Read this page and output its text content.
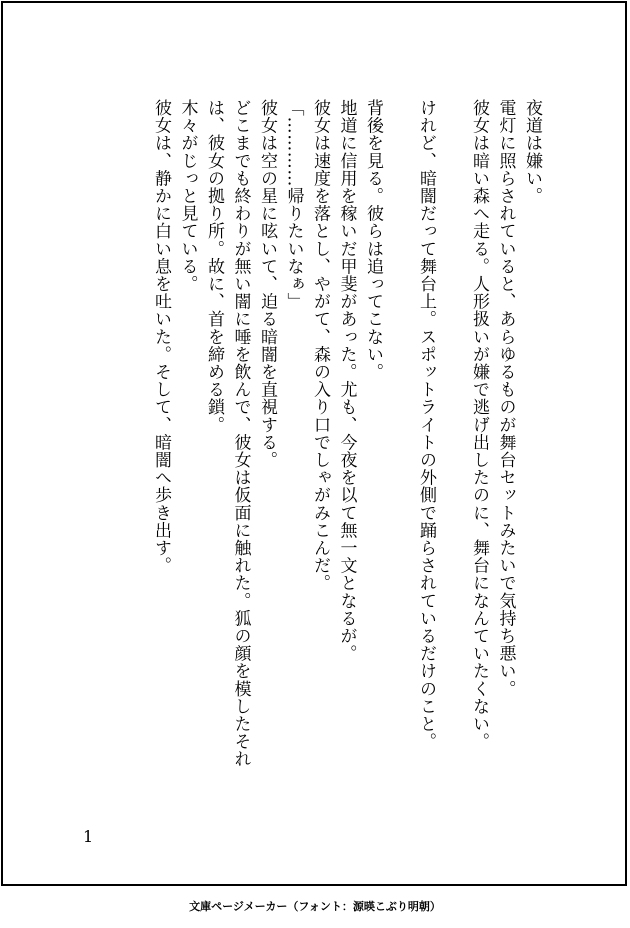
夜道は嫌い。

電灯に照らされていると、あらゆるものが舞台セットみたいで気持ち悪い。

彼女は暗い森へ走る。人形扱いが嫌で逃げ出したのに、舞台になんていたくない。

けれど、暗闇だって舞台上。スポットライトの外側で踊らされているだけのこと。

背後を見る。彼らは追ってこない。

地道に信用を稼いだ甲斐があった。尤も、今夜を以て無一文となるが。

彼女は速度を落とし、やがて、森の入り口でしゃがみこんだ。

「…………帰りたいなぁ」

彼女は空の星に呟いて、迫る暗闇を直視する。

どこまでも終わりが無い闇に唾を飲んで、彼女は仮面に触れた。狐の顔を模したそれは、彼女の拠り所。故に、首を締める鎖。

木々がじっと見ている。

彼女は、静かに白い息を吐いた。そして、暗闇へ歩き出す。

1
文庫ページメーカー（フォント：源暎こぶり明朝）
